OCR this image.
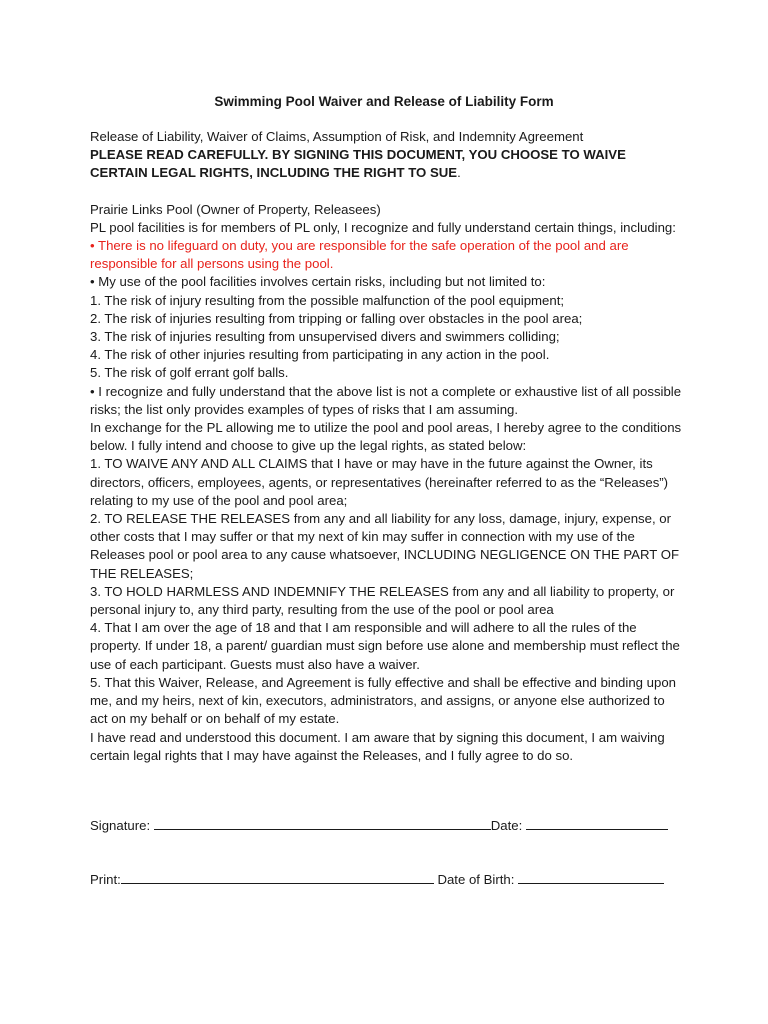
Swimming Pool Waiver and Release of Liability Form

Release of Liability, Waiver of Claims, Assumption of Risk, and Indemnity Agreement

PLEASE READ CAREFULLY. BY SIGNING THIS DOCUMENT, YOU CHOOSE TO WAIVE CERTAIN LEGAL RIGHTS, INCLUDING THE RIGHT TO SUE.

Prairie Links Pool (Owner of Property, Releasees)

PL pool facilities is for members of PL only, I recognize and fully understand certain things, including:

• There is no lifeguard on duty, you are responsible for the safe operation of the pool and are responsible for all persons using the pool.

• My use of the pool facilities involves certain risks, including but not limited to:

1. The risk of injury resulting from the possible malfunction of the pool equipment;

2. The risk of injuries resulting from tripping or falling over obstacles in the pool area;

3. The risk of injuries resulting from unsupervised divers and swimmers colliding;

4. The risk of other injuries resulting from participating in any action in the pool.

5. The risk of golf errant golf balls.

• I recognize and fully understand that the above list is not a complete or exhaustive list of all possible risks; the list only provides examples of types of risks that I am assuming.

In exchange for the PL allowing me to utilize the pool and pool areas, I hereby agree to the conditions below. I fully intend and choose to give up the legal rights, as stated below:

1. TO WAIVE ANY AND ALL CLAIMS that I have or may have in the future against the Owner, its directors, officers, employees, agents, or representatives (hereinafter referred to as the “Releases”) relating to my use of the pool and pool area;

2. TO RELEASE THE RELEASES from any and all liability for any loss, damage, injury, expense, or other costs that I may suffer or that my next of kin may suffer in connection with my use of the Releases pool or pool area to any cause whatsoever, INCLUDING NEGLIGENCE ON THE PART OF THE RELEASES;

3. TO HOLD HARMLESS AND INDEMNIFY THE RELEASES from any and all liability to property, or personal injury to, any third party, resulting from the use of the pool or pool area

4. That I am over the age of 18 and that I am responsible and will adhere to all the rules of the property. If under 18, a parent/ guardian must sign before use alone and membership must reflect the use of each participant. Guests must also have a waiver.

5. That this Waiver, Release, and Agreement is fully effective and shall be effective and binding upon me, and my heirs, next of kin, executors, administrators, and assigns, or anyone else authorized to act on my behalf or on behalf of my estate.

I have read and understood this document. I am aware that by signing this document, I am waiving certain legal rights that I may have against the Releases, and I fully agree to do so.

Signature:	Date:
Print:	Date of Birth:
